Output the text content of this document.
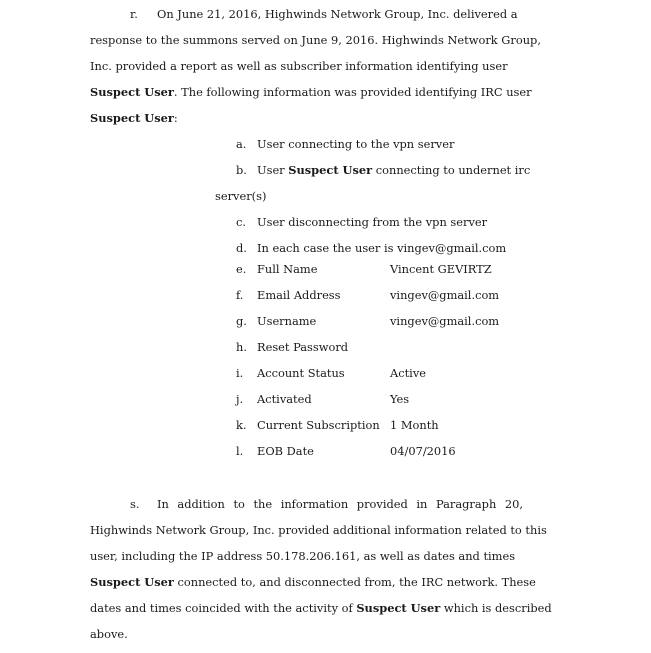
r. On June 21, 2016, Highwinds Network Group, Inc. delivered a
response to the summons served on June 9, 2016. Highwinds Network Group,
Inc. provided a report as well as subscriber information identifying user
Suspect User. The following information was provided identifying IRC user
Suspect User:
a. User connecting to the vpn server
b. User Suspect User connecting to undernet irc
server(s)
c. User disconnecting from the vpn server
d. In each case the user is vingev@gmail.com
e. Full Name	Vincent GEVIRTZ
f. Email Address	vingev@gmail.com
g. Username	vingev@gmail.com
h. Reset Password
i. Account Status	Active
j. Activated	Yes
k. Current Subscription 1 Month
l. EOB Date	04/07/2016
s. In addition to the information provided in Paragraph 20,
Highwinds Network Group, Inc. provided additional information related to this
user, including the IP address 50.178.206.161, as well as dates and times
Suspect User connected to, and disconnected from, the IRC network. These
dates and times coincided with the activity of Suspect User which is described
above.
